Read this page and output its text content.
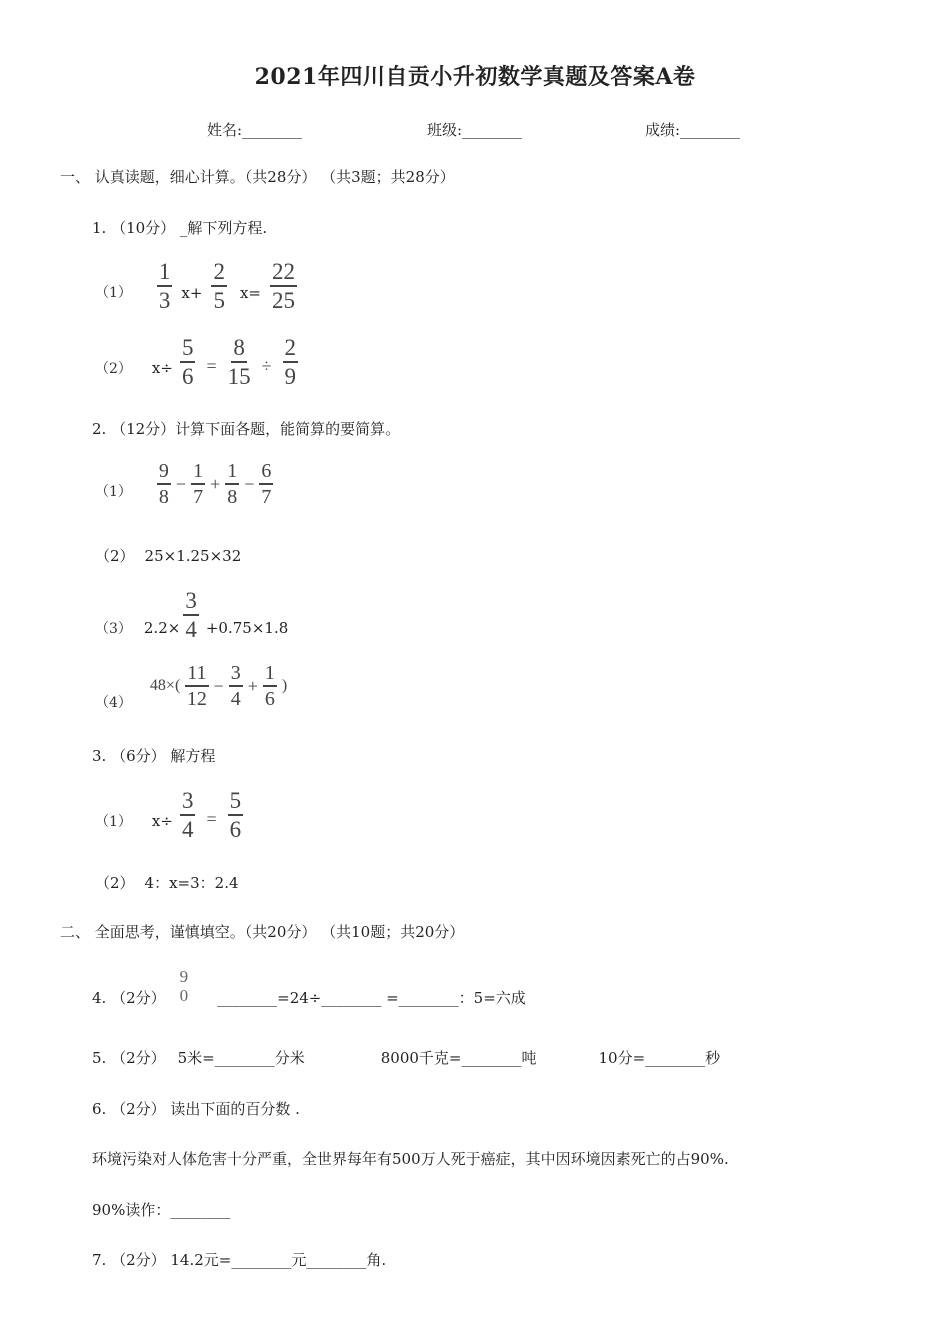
2021年四川自贡小升初数学真题及答案A卷
姓名:________	班级:________	成绩:________
一、 认真读题，细心计算。（共28分） （共3题；共28分）
1. （10分） _解下列方程.
$(1) \frac{1}{3} x+ \frac{2}{5} x= \frac{22}{25}$
（2） $x\div \frac{5}{6} = \frac{8}{15} \div \frac{2}{9}$
2. （12分）计算下面各题，能简算的要简算。
$(1) \frac{9}{8} - \frac{1}{7} + \frac{1}{8} - \frac{6}{7}$
（2） 25×1.25×32
（3） $2.2\times \frac{3}{4} +0.75\times 1.8$
（4）
$48\times( \frac{11}{12} - \frac{3}{4} + \frac{1}{6}$ )
3. （6分） 解方程
（1） $x\div \frac{3}{4} = \frac{5}{6}$
（2） 4：x=3：2.4
二、 全面思考，谨慎填空。（共20分） （共10题；共20分）
4. （2分）
9
0 ________=24÷________ =________：5=六成
5. （2分） 5米=________分米	8000千克=________吨	10分=________秒
6. （2分） 读出下面的百分数 .
环境污染对人体危害十分严重，全世界每年有500万人死于癌症，其中因环境因素死亡的占90%.
90%读作：________
7. （2分） 14.2元=________元________角.
